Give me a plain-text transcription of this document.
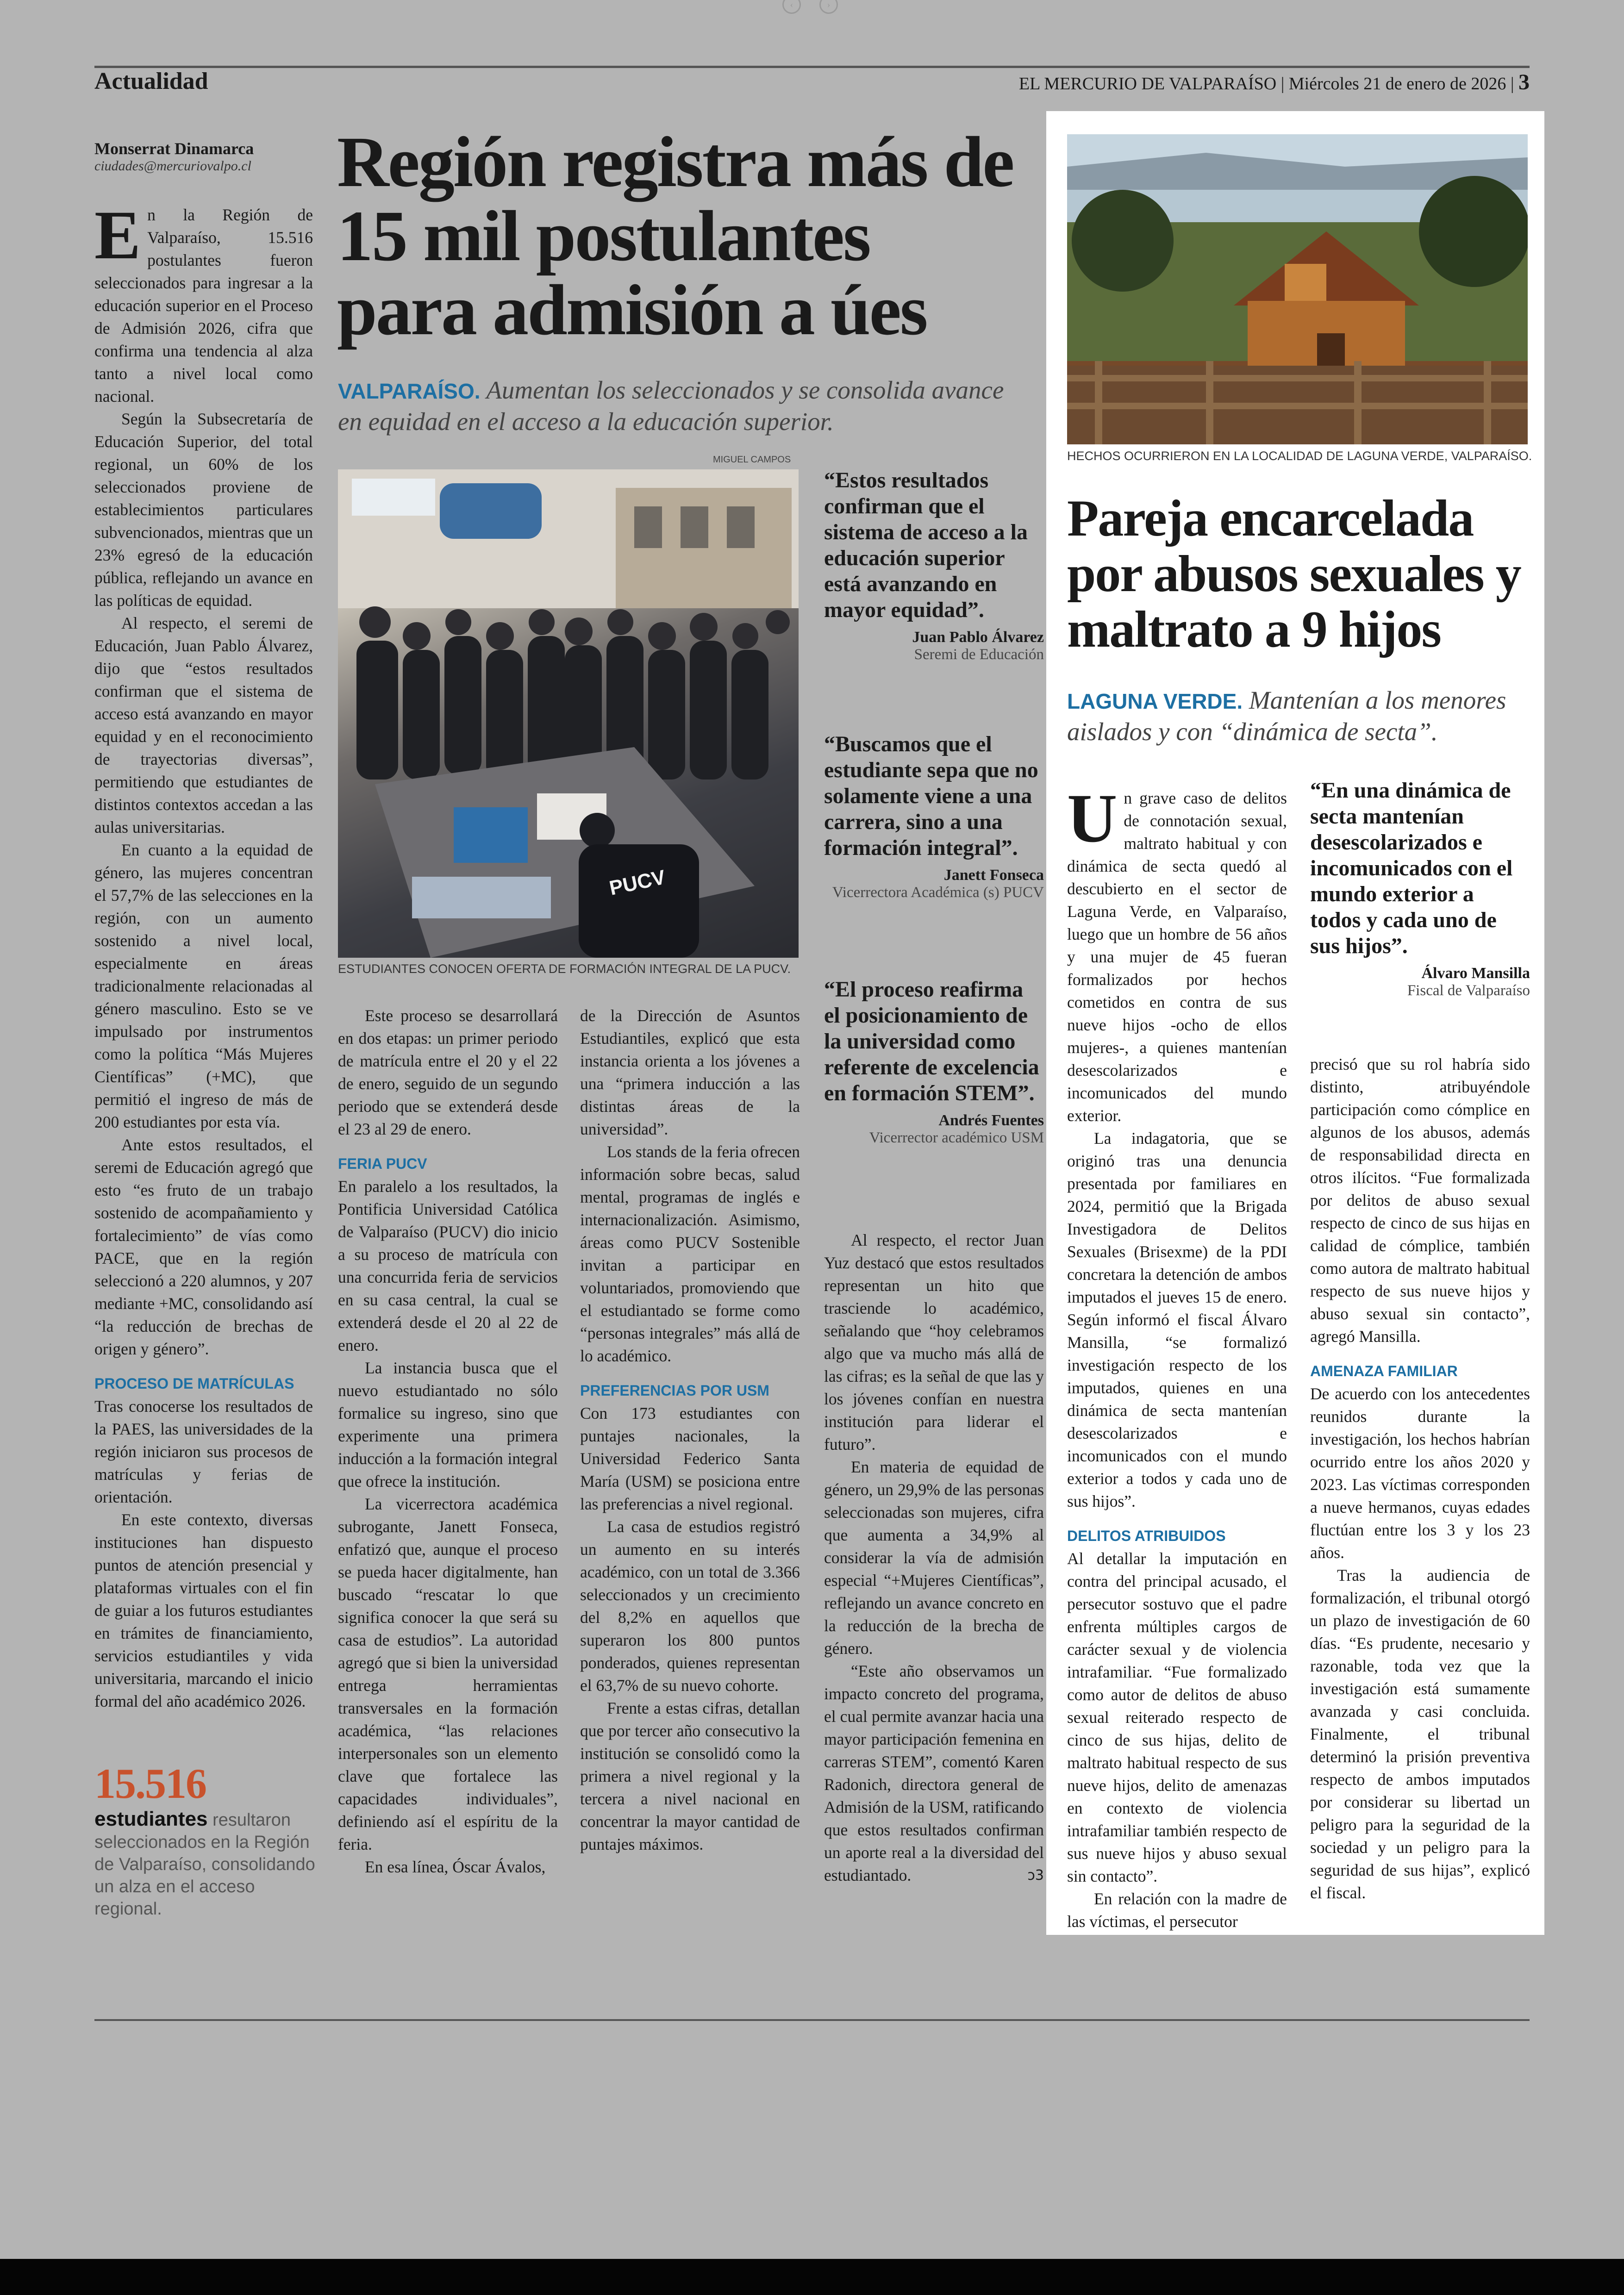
‹	›
Actualidad	EL MERCURIO DE VALPARAÍSO | Miércoles 21 de enero de 2026 | 3
Monserrat Dinamarca
ciudades@mercuriovalpo.cl

En la Región de Valparaíso, 15.516 postulantes fueron seleccionados para ingresar a la educación superior en el Proceso de Admisión 2026, cifra que confirma una tendencia al alza tanto a nivel local como nacional.

Según la Subsecretaría de Educación Superior, del total regional, un 60% de los seleccionados proviene de establecimientos particulares subvencionados, mientras que un 23% egresó de la educación pública, reflejando un avance en las políticas de equidad.

Al respecto, el seremi de Educación, Juan Pablo Álvarez, dijo que “estos resultados confirman que el sistema de acceso está avanzando en mayor equidad y en el reconocimiento de trayectorias diversas”, permitiendo que estudiantes de distintos contextos accedan a las aulas universitarias.

En cuanto a la equidad de género, las mujeres concentran el 57,7% de las selecciones en la región, con un aumento sostenido a nivel local, especialmente en áreas tradicionalmente relacionadas al género masculino. Esto se ve impulsado por instrumentos como la política “Más Mujeres Científicas” (+MC), que permitió el ingreso de más de 200 estudiantes por esta vía.

Ante estos resultados, el seremi de Educación agregó que esto “es fruto de un trabajo sostenido de acompañamiento y fortalecimiento” de vías como PACE, que en la región seleccionó a 220 alumnos, y 207 mediante +MC, consolidando así “la reducción de brechas de origen y género”.

PROCESO DE MATRÍCULAS

Tras conocerse los resultados de la PAES, las universidades de la región iniciaron sus procesos de matrículas y ferias de orientación.

En este contexto, diversas instituciones han dispuesto puntos de atención presencial y plataformas virtuales con el fin de guiar a los futuros estudiantes en trámites de financiamiento, servicios estudiantiles y vida universitaria, marcando el inicio formal del año académico 2026.

15.516
estudiantes resultaron seleccionados en la Región de Valparaíso, consolidando un alza en el acceso regional.
Región registra más de 15 mil postulantes para admisión a úes
VALPARAÍSO. Aumentan los seleccionados y se consolida avance en equidad en el acceso a la educación superior.
MIGUEL CAMPOS
PUCV
ESTUDIANTES CONOCEN OFERTA DE FORMACIÓN INTEGRAL DE LA PUCV.

Este proceso se desarrollará en dos etapas: un primer periodo de matrícula entre el 20 y el 22 de enero, seguido de un segundo periodo que se extenderá desde el 23 al 29 de enero.

FERIA PUCV

En paralelo a los resultados, la Pontificia Universidad Católica de Valparaíso (PUCV) dio inicio a su proceso de matrícula con una concurrida feria de servicios en su casa central, la cual se extenderá desde el 20 al 22 de enero.

La instancia busca que el nuevo estudiantado no sólo formalice su ingreso, sino que experimente una primera inducción a la formación integral que ofrece la institución.

La vicerrectora académica subrogante, Janett Fonseca, enfatizó que, aunque el proceso se pueda hacer digitalmente, han buscado “rescatar lo que significa conocer la que será su casa de estudios”. La autoridad agregó que si bien la universidad entrega herramientas transversales en la formación académica, “las relaciones interpersonales son un elemento clave que fortalece las capacidades individuales”, definiendo así el espíritu de la feria.

En esa línea, Óscar Ávalos,

de la Dirección de Asuntos Estudiantiles, explicó que esta instancia orienta a los jóvenes a una “primera inducción a las distintas áreas de la universidad”.

Los stands de la feria ofrecen información sobre becas, salud mental, programas de inglés e internacionalización. Asimismo, áreas como PUCV Sostenible invitan a participar en voluntariados, promoviendo que el estudiantado se forme como “personas integrales” más allá de lo académico.

PREFERENCIAS POR USM

Con 173 estudiantes con puntajes nacionales, la Universidad Federico Santa María (USM) se posiciona entre las preferencias a nivel regional.

La casa de estudios registró un aumento en su interés académico, con un total de 3.366 seleccionados y un crecimiento del 8,2% en aquellos que superaron los 800 puntos ponderados, quienes representan el 63,7% de su nuevo cohorte.

Frente a estas cifras, detallan que por tercer año consecutivo la institución se consolidó como la primera a nivel regional y la tercera a nivel nacional en concentrar la mayor cantidad de puntajes máximos.

“Estos resultados confirman que el sistema de acceso a la educación superior está avanzando en mayor equidad”.
Juan Pablo Álvarez
Seremi de Educación
“Buscamos que el estudiante sepa que no solamente viene a una carrera, sino a una formación integral”.
Janett Fonseca
Vicerrectora Académica (s) PUCV
“El proceso reafirma el posicionamiento de la universidad como referente de excelencia en formación STEM”.
Andrés Fuentes
Vicerrector académico USM

Al respecto, el rector Juan Yuz destacó que estos resultados representan un hito que trasciende lo académico, señalando que “hoy celebramos algo que va mucho más allá de las cifras; es la señal de que las y los jóvenes confían en nuestra institución para liderar el futuro”.

En materia de equidad de género, un 29,9% de las personas seleccionadas son mujeres, cifra que aumenta a 34,9% al considerar la vía de admisión especial “+Mujeres Científicas”, reflejando un avance concreto en la reducción de la brecha de género.

“Este año observamos un impacto concreto del programa, el cual permite avanzar hacia una mayor participación femenina en carreras STEM”, comentó Karen Radonich, directora general de Admisión de la USM, ratificando que estos resultados confirman un aporte real a la diversidad del estudiantado.	ↄ3

HECHOS OCURRIERON EN LA LOCALIDAD DE LAGUNA VERDE, VALPARAÍSO.
Pareja encarcelada por abusos sexuales y maltrato a 9 hijos
LAGUNA VERDE. Mantenían a los menores aislados y con “dinámica de secta”.

Un grave caso de delitos de connotación sexual, maltrato habitual y con dinámica de secta quedó al descubierto en el sector de Laguna Verde, en Valparaíso, luego que un hombre de 56 años y una mujer de 45 fueran formalizados por hechos cometidos en contra de sus nueve hijos -ocho de ellos mujeres-, a quienes mantenían desescolarizados e incomunicados del mundo exterior.

La indagatoria, que se originó tras una denuncia presentada por familiares en 2024, permitió que la Brigada Investigadora de Delitos Sexuales (Brisexme) de la PDI concretara la detención de ambos imputados el jueves 15 de enero. Según informó el fiscal Álvaro Mansilla, “se formalizó investigación respecto de los imputados, quienes en una dinámica de secta mantenían desescolarizados e incomunicados con el mundo exterior a todos y cada uno de sus hijos”.

DELITOS ATRIBUIDOS

Al detallar la imputación en contra del principal acusado, el persecutor sostuvo que el padre enfrenta múltiples cargos de carácter sexual y de violencia intrafamiliar. “Fue formalizado como autor de delitos de abuso sexual reiterado respecto de cinco de sus hijas, delito de maltrato habitual respecto de sus nueve hijos, delito de amenazas en contexto de violencia intrafamiliar también respecto de sus nueve hijos y abuso sexual sin contacto”.

En relación con la madre de las víctimas, el persecutor

“En una dinámica de secta mantenían desescolarizados e incomunicados con el mundo exterior a todos y cada uno de sus hijos”.
Álvaro Mansilla
Fiscal de Valparaíso

precisó que su rol habría sido distinto, atribuyéndole participación como cómplice en algunos de los abusos, además de responsabilidad directa en otros ilícitos. “Fue formalizada por delitos de abuso sexual respecto de cinco de sus hijas en calidad de cómplice, también como autora de maltrato habitual respecto de sus nueve hijos y abuso sexual sin contacto”, agregó Mansilla.

AMENAZA FAMILIAR

De acuerdo con los antecedentes reunidos durante la investigación, los hechos habrían ocurrido entre los años 2020 y 2023. Las víctimas corresponden a nueve hermanos, cuyas edades fluctúan entre los 3 y los 23 años.

Tras la audiencia de formalización, el tribunal otorgó un plazo de investigación de 60 días. “Es prudente, necesario y razonable, toda vez que la investigación está sumamente avanzada y casi concluida. Finalmente, el tribunal determinó la prisión preventiva respecto de ambos imputados por considerar su libertad un peligro para la seguridad de la sociedad y un peligro para la seguridad de sus hijas”, explicó el fiscal.
